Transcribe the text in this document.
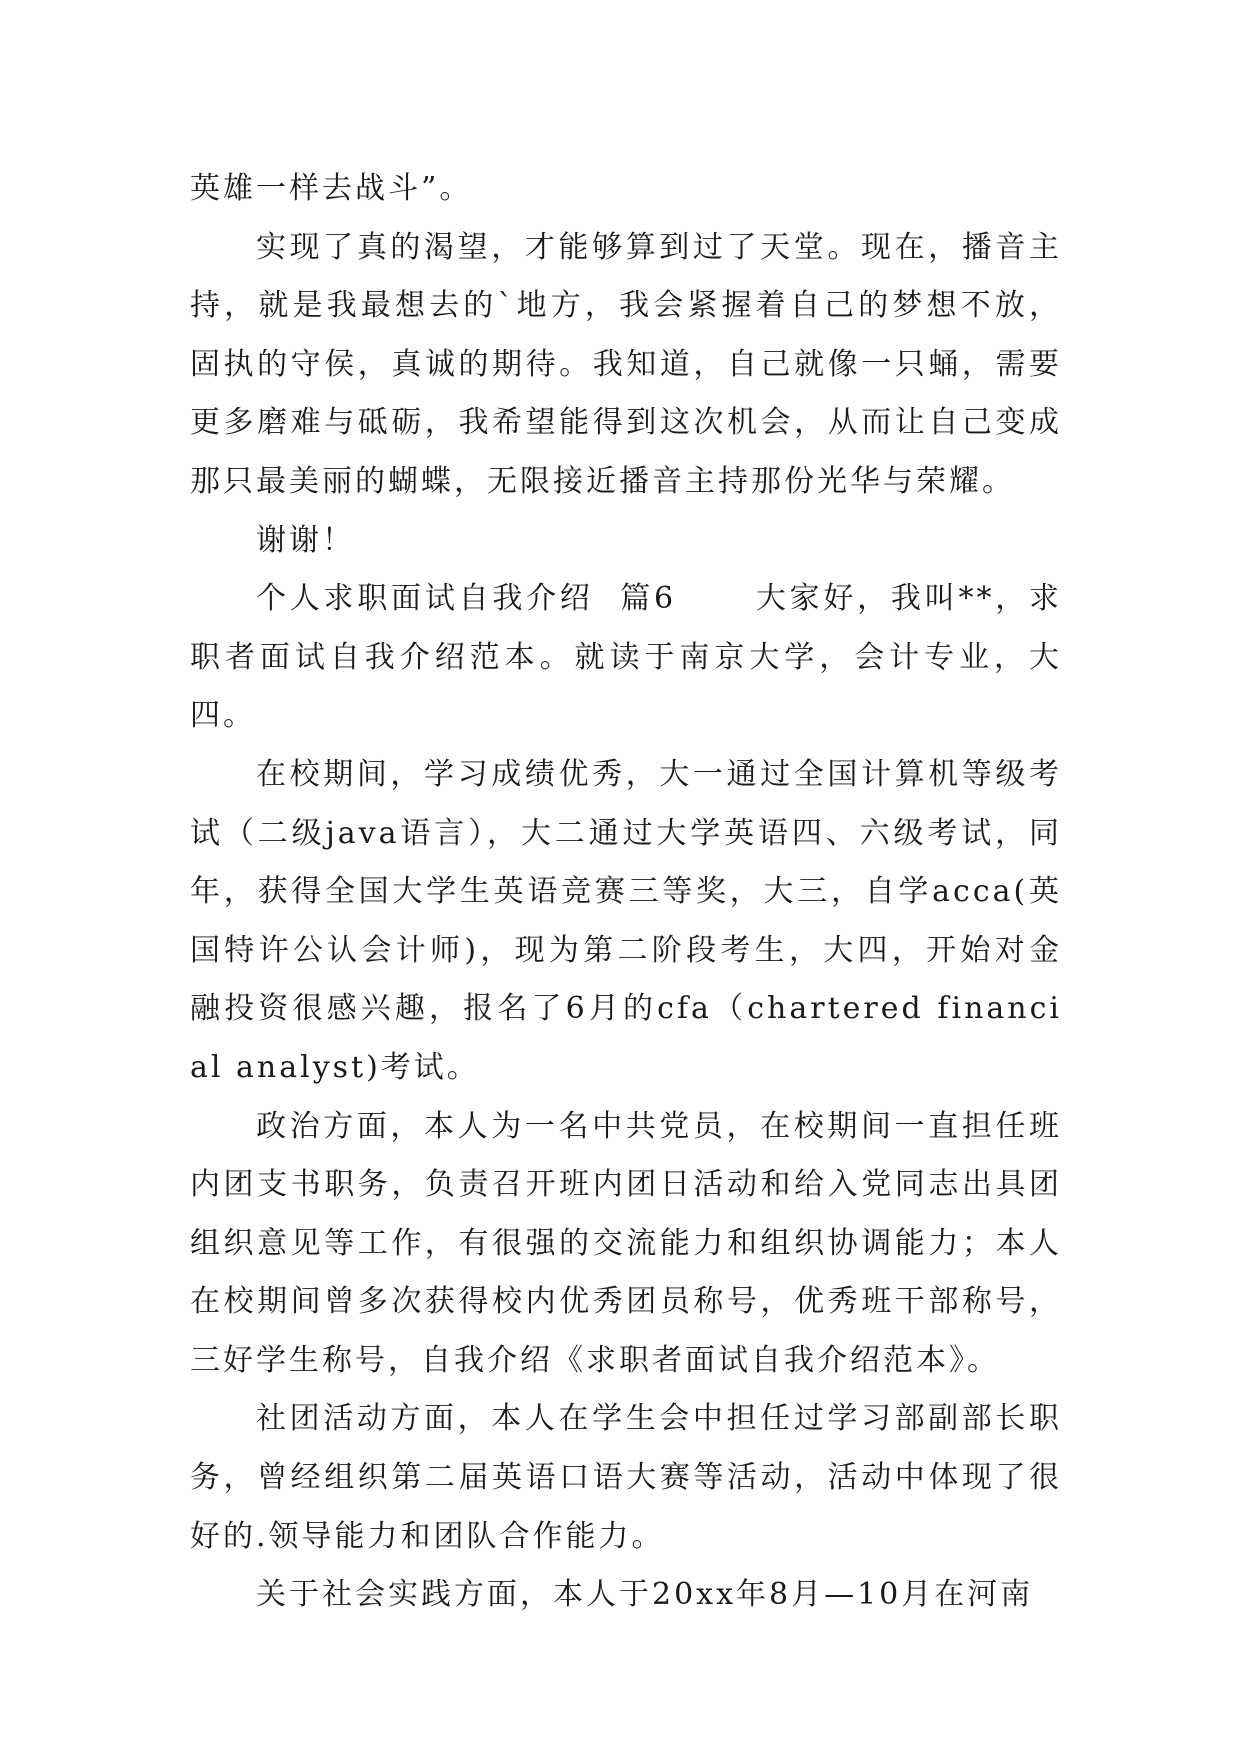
英雄一样去战斗”。

实现了真的渴望，才能够算到过了天堂。现在，播音主持，就是我最想去的`地方，我会紧握着自己的梦想不放，固执的守侯，真诚的期待。我知道，自己就像一只蛹，需要更多磨难与砥砺，我希望能得到这次机会，从而让自己变成那只最美丽的蝴蝶，无限接近播音主持那份光华与荣耀。

谢谢！

个人求职面试自我介绍  篇6      大家好，我叫**，求职者面试自我介绍范本。就读于南京大学，会计专业，大四。

在校期间，学习成绩优秀，大一通过全国计算机等级考试（二级java语言），大二通过大学英语四、六级考试，同年，获得全国大学生英语竞赛三等奖，大三，自学acca(英国特许公认会计师)，现为第二阶段考生，大四，开始对金融投资很感兴趣，报名了6月的cfa（chartered financial analyst)考试。

政治方面，本人为一名中共党员，在校期间一直担任班内团支书职务，负责召开班内团日活动和给入党同志出具团组织意见等工作，有很强的交流能力和组织协调能力；本人在校期间曾多次获得校内优秀团员称号，优秀班干部称号，三好学生称号，自我介绍《求职者面试自我介绍范本》。

社团活动方面，本人在学生会中担任过学习部副部长职务，曾经组织第二届英语口语大赛等活动，活动中体现了很好的.领导能力和团队合作能力。

关于社会实践方面，本人于20xx年8月—10月在河南
